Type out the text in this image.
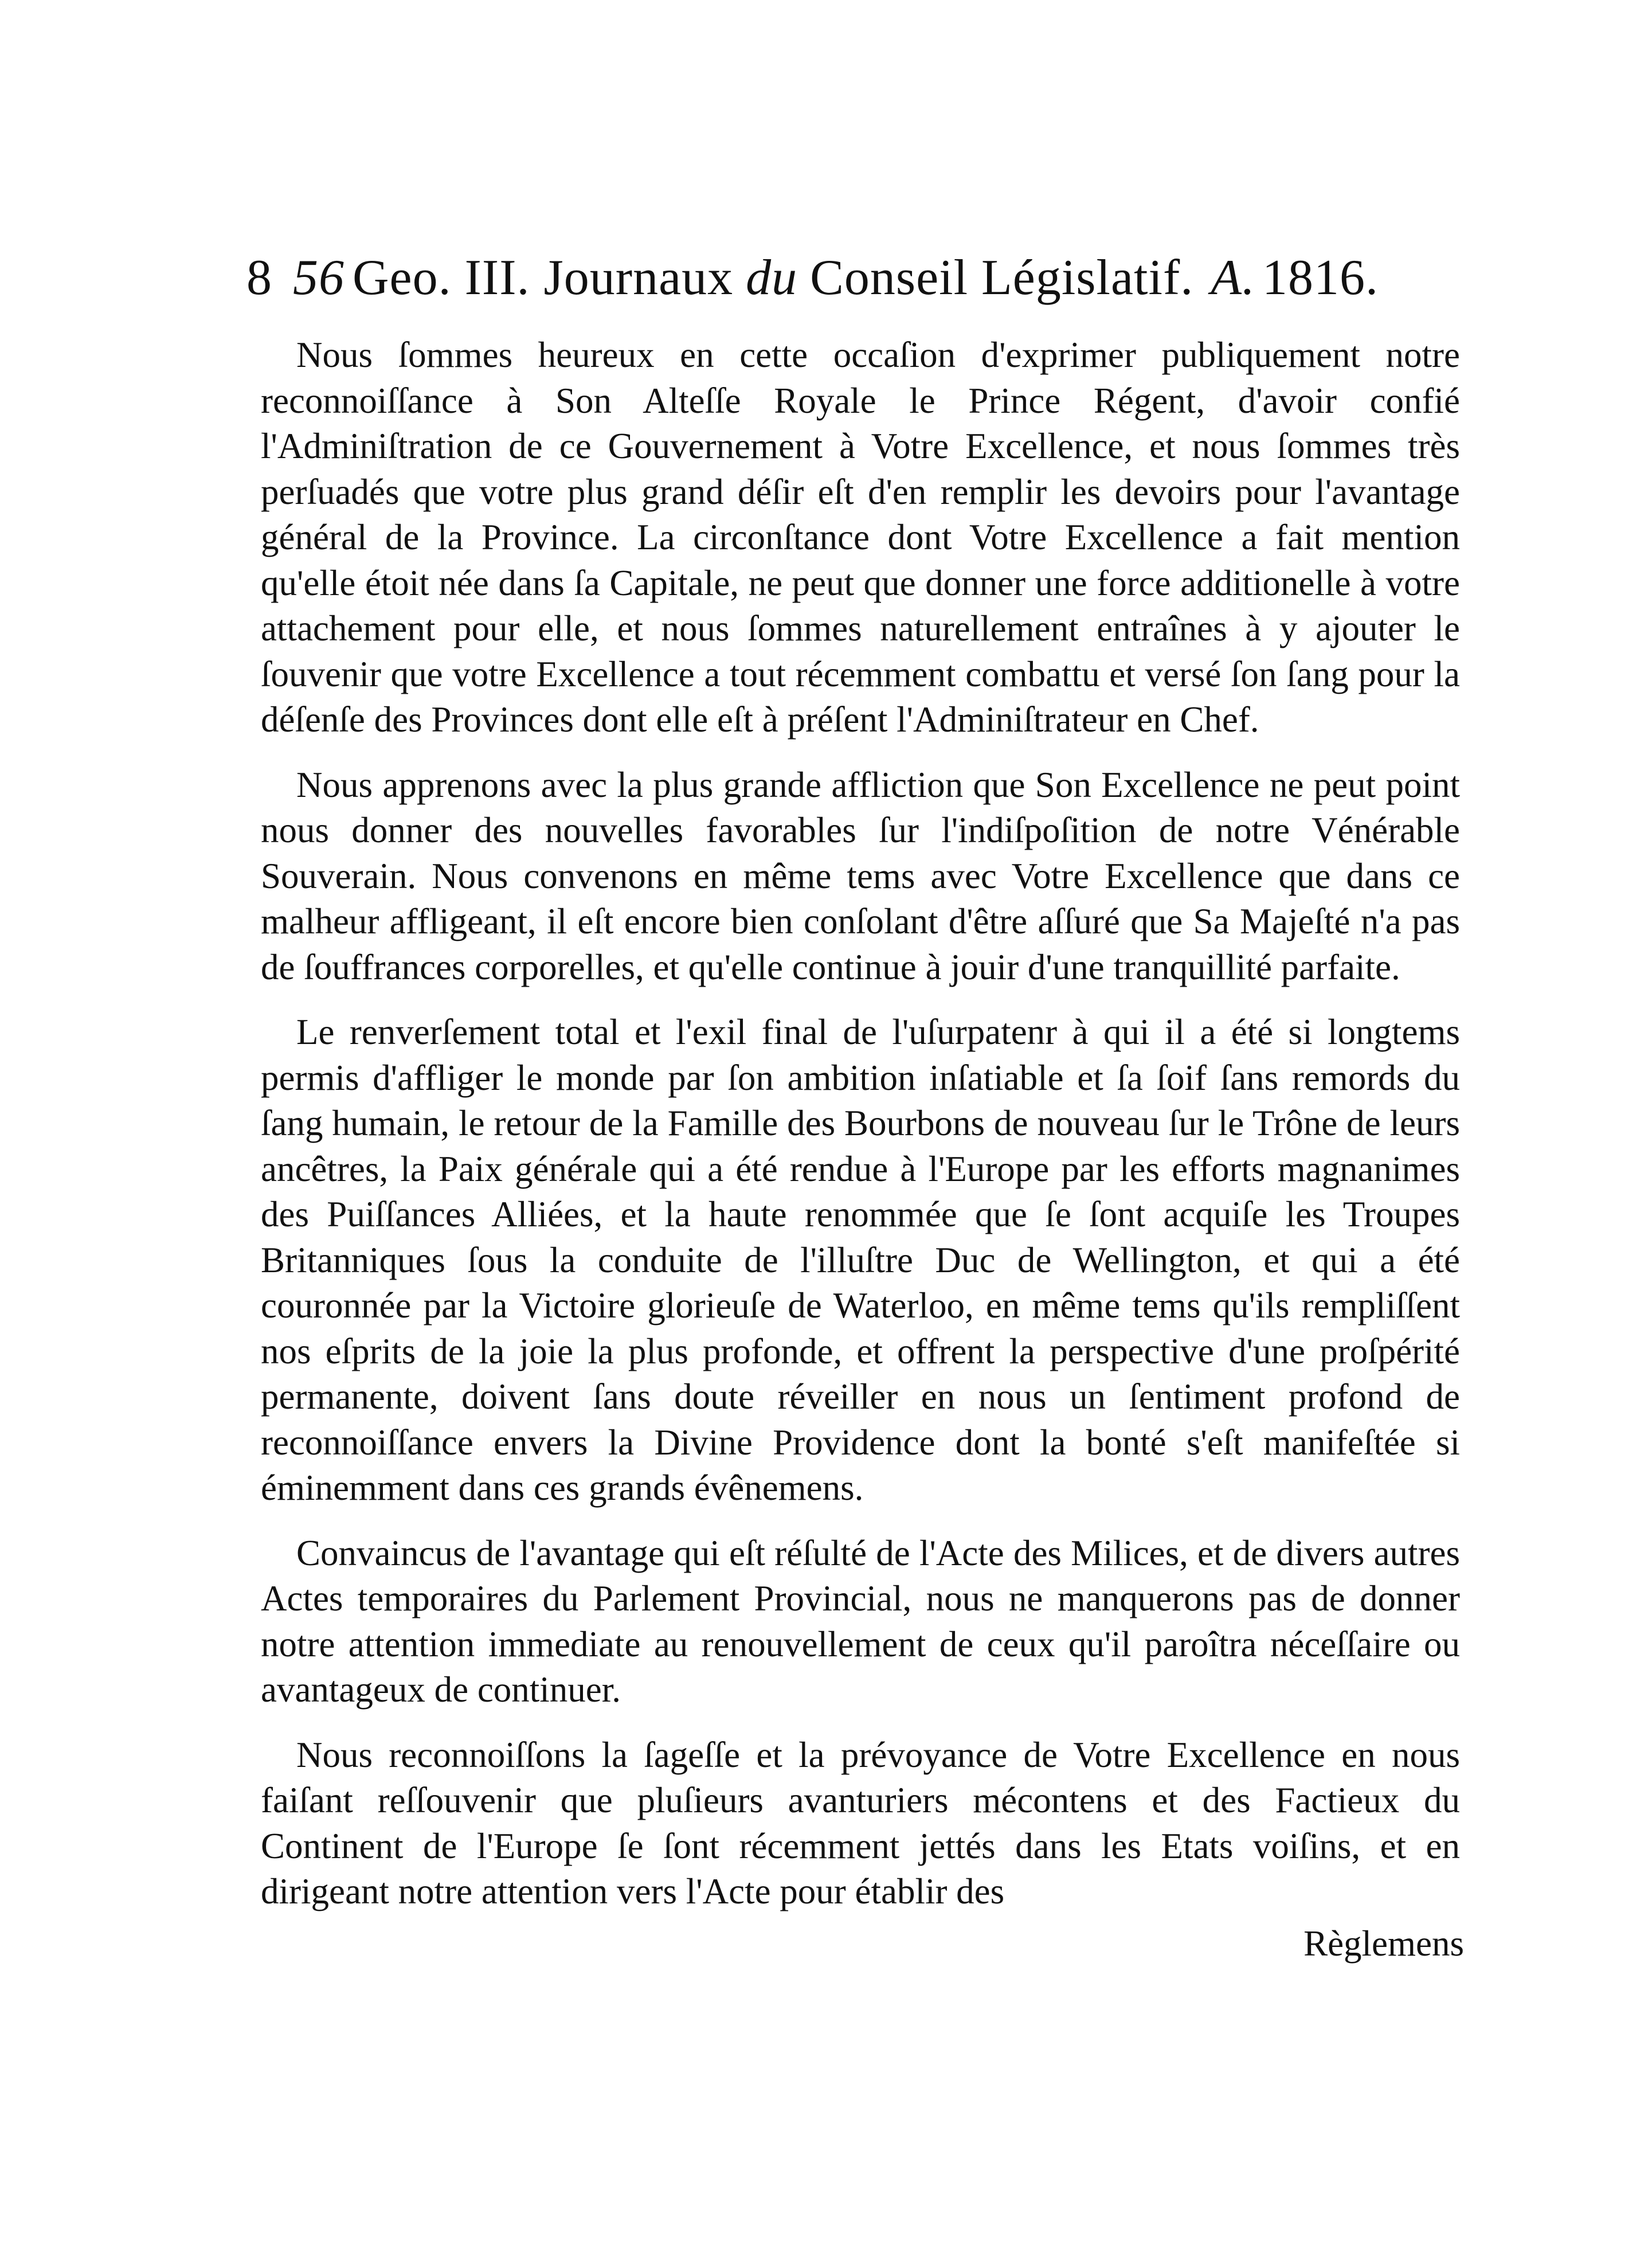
8 56 Geo. III. Journaux du Conseil Législatif. A. 1816.

Nous ſommes heureux en cette occaſion d'exprimer publiquement notre reconnoiſſance à Son Alteſſe Royale le Prince Régent, d'avoir confié l'Adminiſtration de ce Gouvernement à Votre Excellence, et nous ſommes très perſuadés que votre plus grand déſir eſt d'en remplir les devoirs pour l'avantage général de la Province. La circonſtance dont Votre Excellence a fait mention qu'elle étoit née dans ſa Capitale, ne peut que donner une force additionelle à votre attachement pour elle, et nous ſommes naturellement entraînes à y ajouter le ſouvenir que votre Excellence a tout récemment combattu et versé ſon ſang pour la déſenſe des Provinces dont elle eſt à préſent l'Adminiſtrateur en Chef.

Nous apprenons avec la plus grande affliction que Son Excellence ne peut point nous donner des nouvelles favorables ſur l'indiſpoſition de notre Vénérable Souverain. Nous convenons en même tems avec Votre Excellence que dans ce malheur affligeant, il eſt encore bien conſolant d'être aſſuré que Sa Majeſté n'a pas de ſouffrances corporelles, et qu'elle continue à jouir d'une tranquillité parfaite.

Le renverſement total et l'exil final de l'uſurpatenr à qui il a été si longtems permis d'affliger le monde par ſon ambition inſatiable et ſa ſoif ſans remords du ſang humain, le retour de la Famille des Bourbons de nouveau ſur le Trône de leurs ancêtres, la Paix générale qui a été rendue à l'Europe par les efforts magnanimes des Puiſſances Alliées, et la haute renommée que ſe ſont acquiſe les Troupes Britanniques ſous la conduite de l'illuſtre Duc de Wellington, et qui a été couronnée par la Victoire glorieuſe de Waterloo, en même tems qu'ils rempliſſent nos eſprits de la joie la plus profonde, et offrent la perspective d'une proſpérité permanente, doivent ſans doute réveiller en nous un ſentiment profond de reconnoiſſance envers la Divine Providence dont la bonté s'eſt manifeſtée si éminemment dans ces grands évênemens.

Convaincus de l'avantage qui eſt réſulté de l'Acte des Milices, et de divers autres Actes temporaires du Parlement Provincial, nous ne manquerons pas de donner notre attention immediate au renouvellement de ceux qu'il paroîtra néceſſaire ou avantageux de continuer.

Nous reconnoiſſons la ſageſſe et la prévoyance de Votre Excellence en nous faiſant reſſouvenir que pluſieurs avanturiers mécontens et des Factieux du Continent de l'Europe ſe ſont récemment jettés dans les Etats voiſins, et en dirigeant notre attention vers l'Acte pour établir des

Règlemens
